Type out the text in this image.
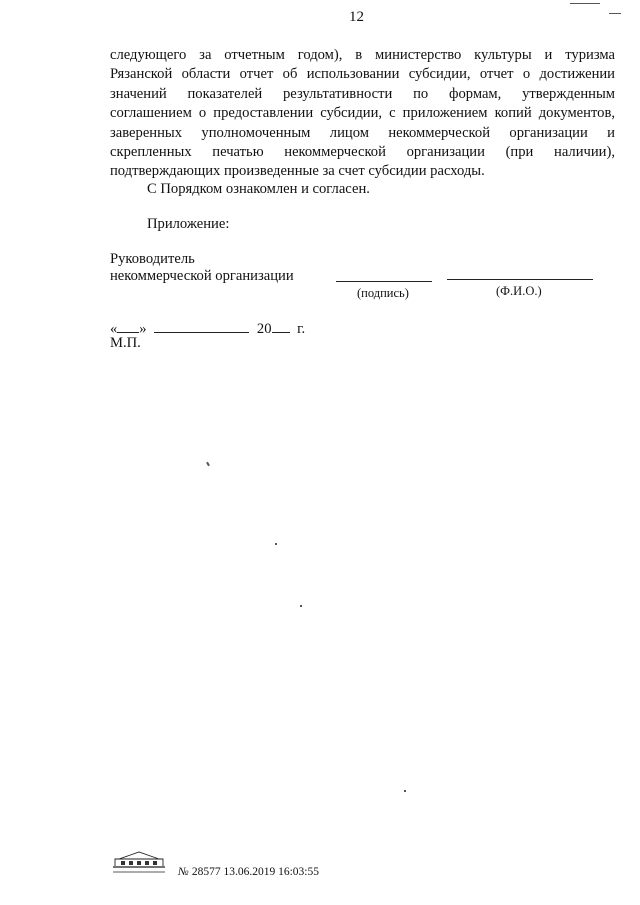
12
следующего за отчетным годом), в министерство культуры и туризма
Рязанской области отчет об использовании субсидии, отчет о достижении
значений показателей результативности по формам, утвержденным
соглашением о предоставлении субсидии, с приложением копий документов,
заверенных уполномоченным лицом некоммерческой организации и
скрепленных печатью некоммерческой организации (при наличии),
подтверждающих произведенные за счет субсидии расходы.
С Порядком ознакомлен и согласен.
Приложение:
Руководитель
некоммерческой организации
(подпись)	(Ф.И.О.)
« »	20 г.
М.П.
№ 28577 13.06.2019 16:03:55
